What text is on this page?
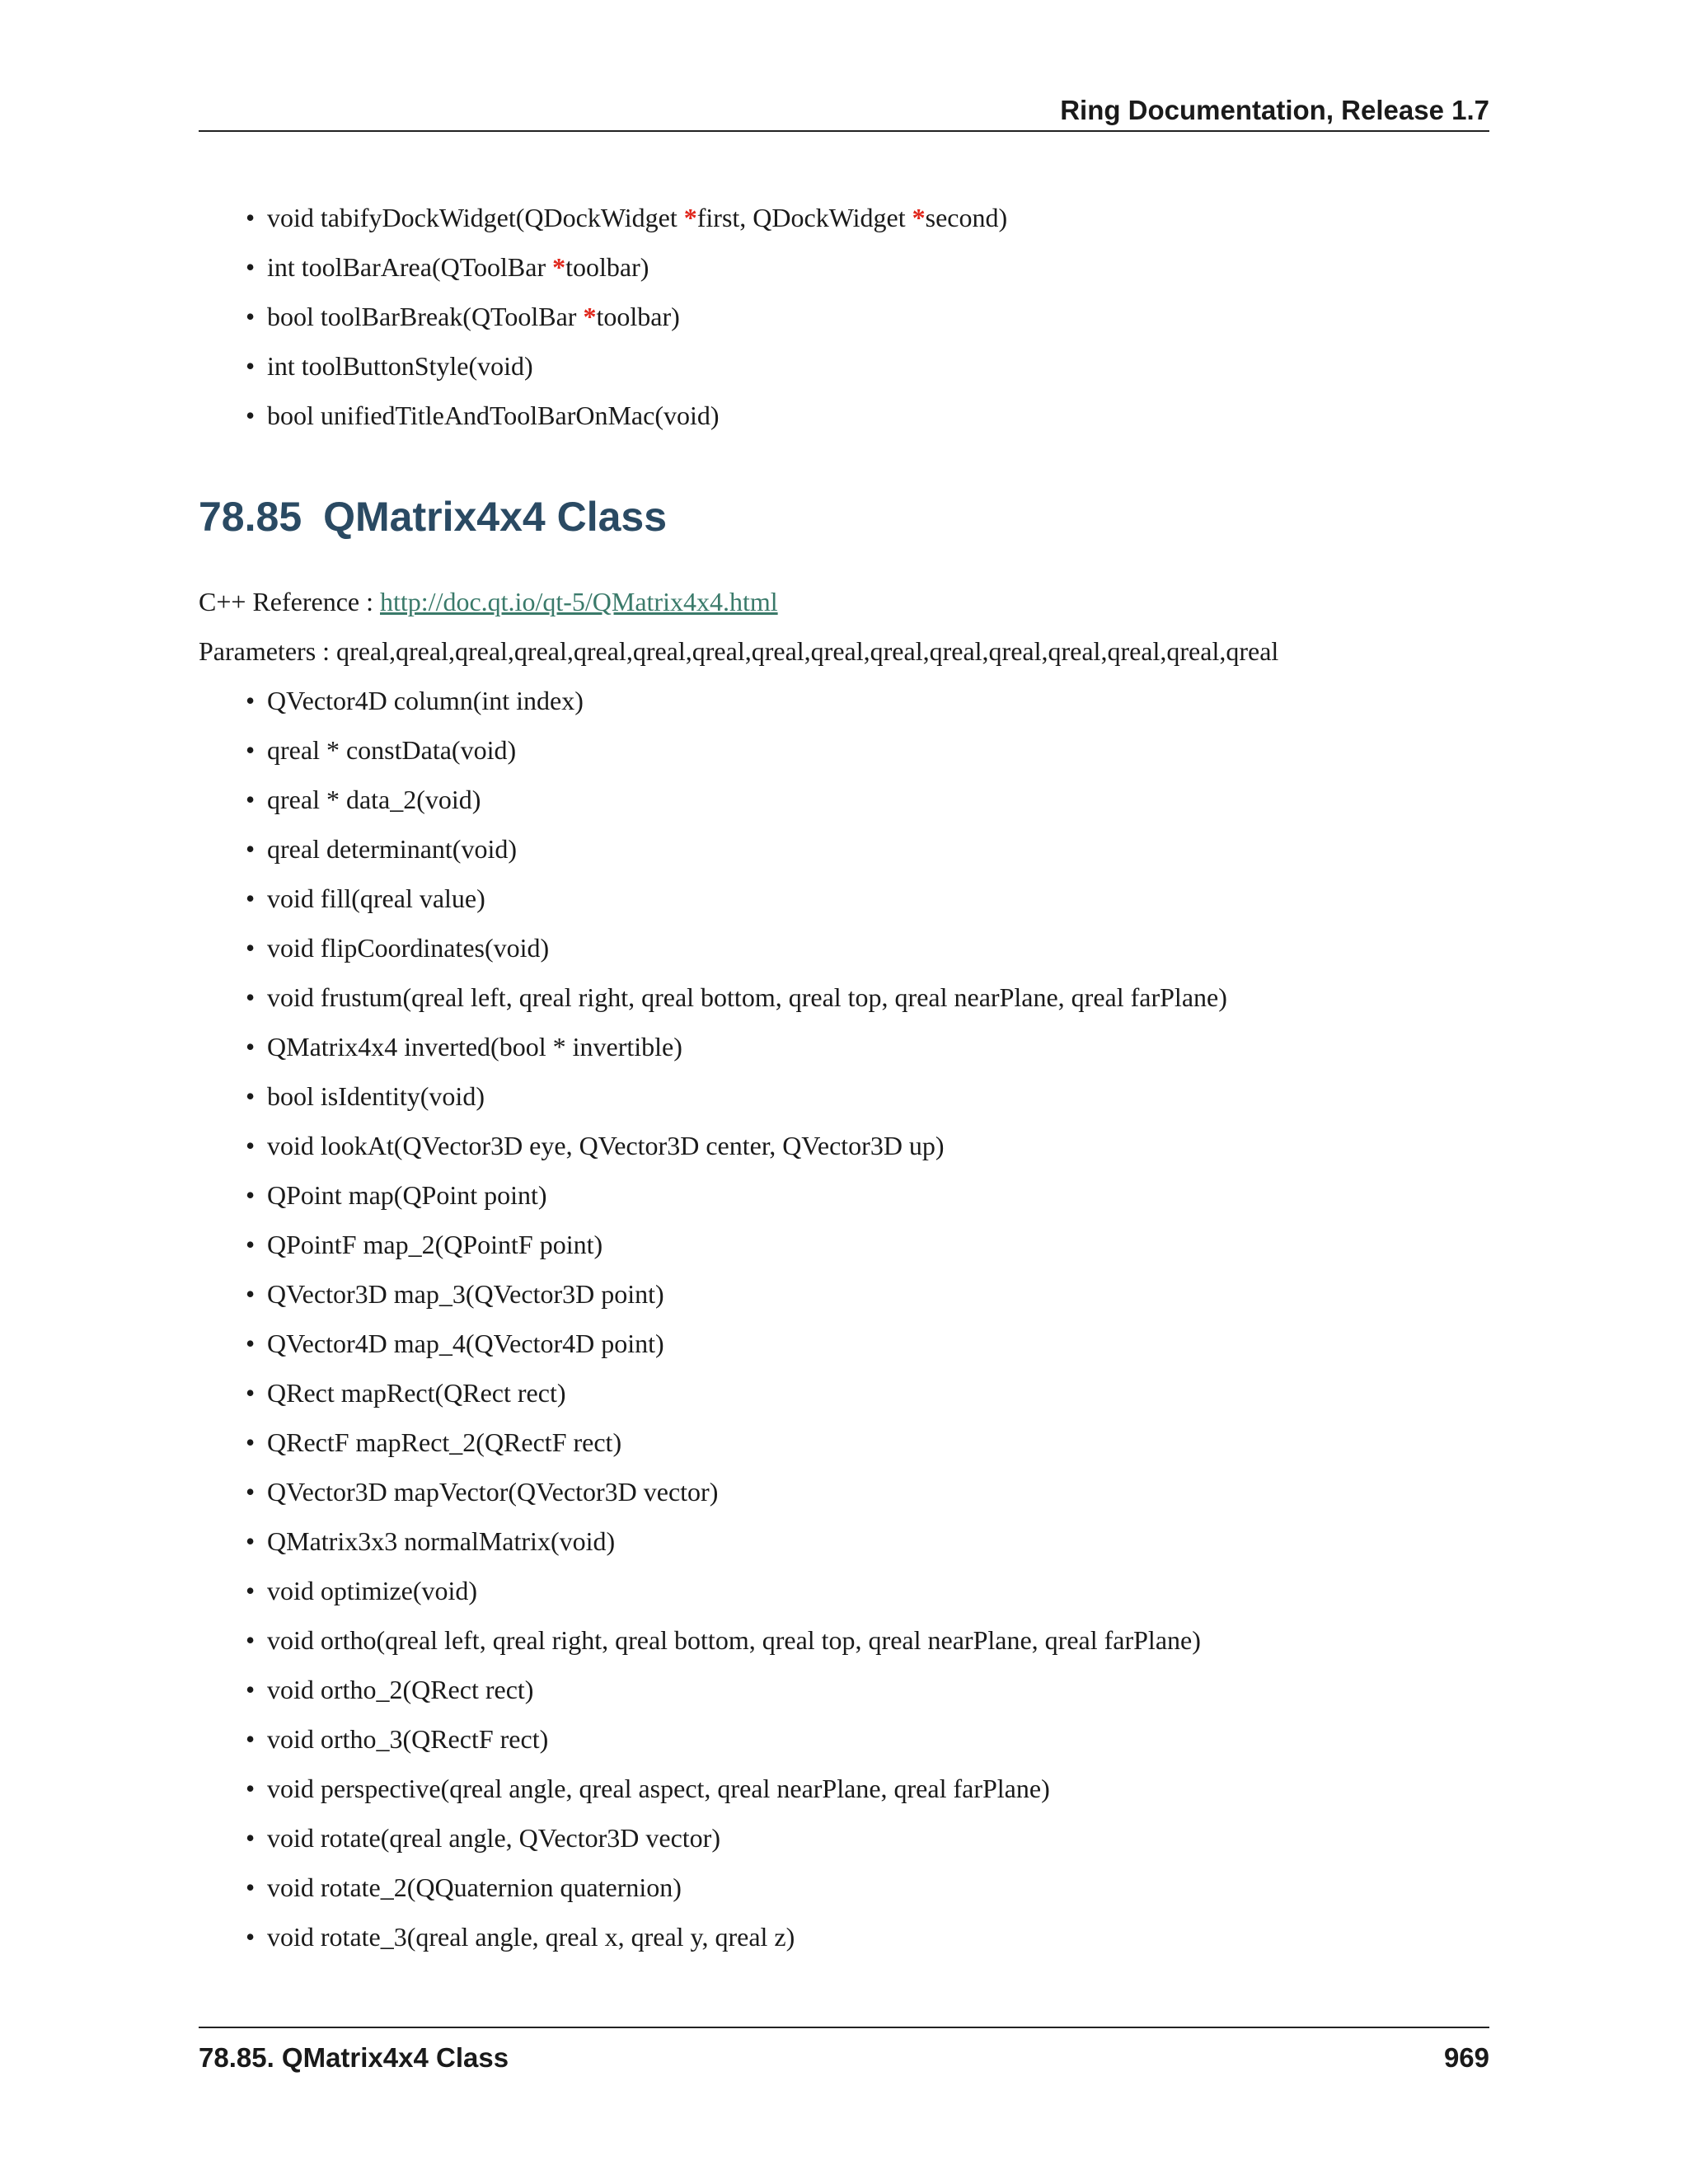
Ring Documentation, Release 1.7
• void tabifyDockWidget(QDockWidget *first, QDockWidget *second)
• int toolBarArea(QToolBar *toolbar)
• bool toolBarBreak(QToolBar *toolbar)
• int toolButtonStyle(void)
• bool unifiedTitleAndToolBarOnMac(void)
78.85 QMatrix4x4 Class
C++ Reference : http://doc.qt.io/qt-5/QMatrix4x4.html
Parameters : qreal,qreal,qreal,qreal,qreal,qreal,qreal,qreal,qreal,qreal,qreal,qreal,qreal,qreal,qreal,qreal
• QVector4D column(int index)
• qreal * constData(void)
• qreal * data_2(void)
• qreal determinant(void)
• void fill(qreal value)
• void flipCoordinates(void)
• void frustum(qreal left, qreal right, qreal bottom, qreal top, qreal nearPlane, qreal farPlane)
• QMatrix4x4 inverted(bool * invertible)
• bool isIdentity(void)
• void lookAt(QVector3D eye, QVector3D center, QVector3D up)
• QPoint map(QPoint point)
• QPointF map_2(QPointF point)
• QVector3D map_3(QVector3D point)
• QVector4D map_4(QVector4D point)
• QRect mapRect(QRect rect)
• QRectF mapRect_2(QRectF rect)
• QVector3D mapVector(QVector3D vector)
• QMatrix3x3 normalMatrix(void)
• void optimize(void)
• void ortho(qreal left, qreal right, qreal bottom, qreal top, qreal nearPlane, qreal farPlane)
• void ortho_2(QRect rect)
• void ortho_3(QRectF rect)
• void perspective(qreal angle, qreal aspect, qreal nearPlane, qreal farPlane)
• void rotate(qreal angle, QVector3D vector)
• void rotate_2(QQuaternion quaternion)
• void rotate_3(qreal angle, qreal x, qreal y, qreal z)
78.85. QMatrix4x4 Class	969
